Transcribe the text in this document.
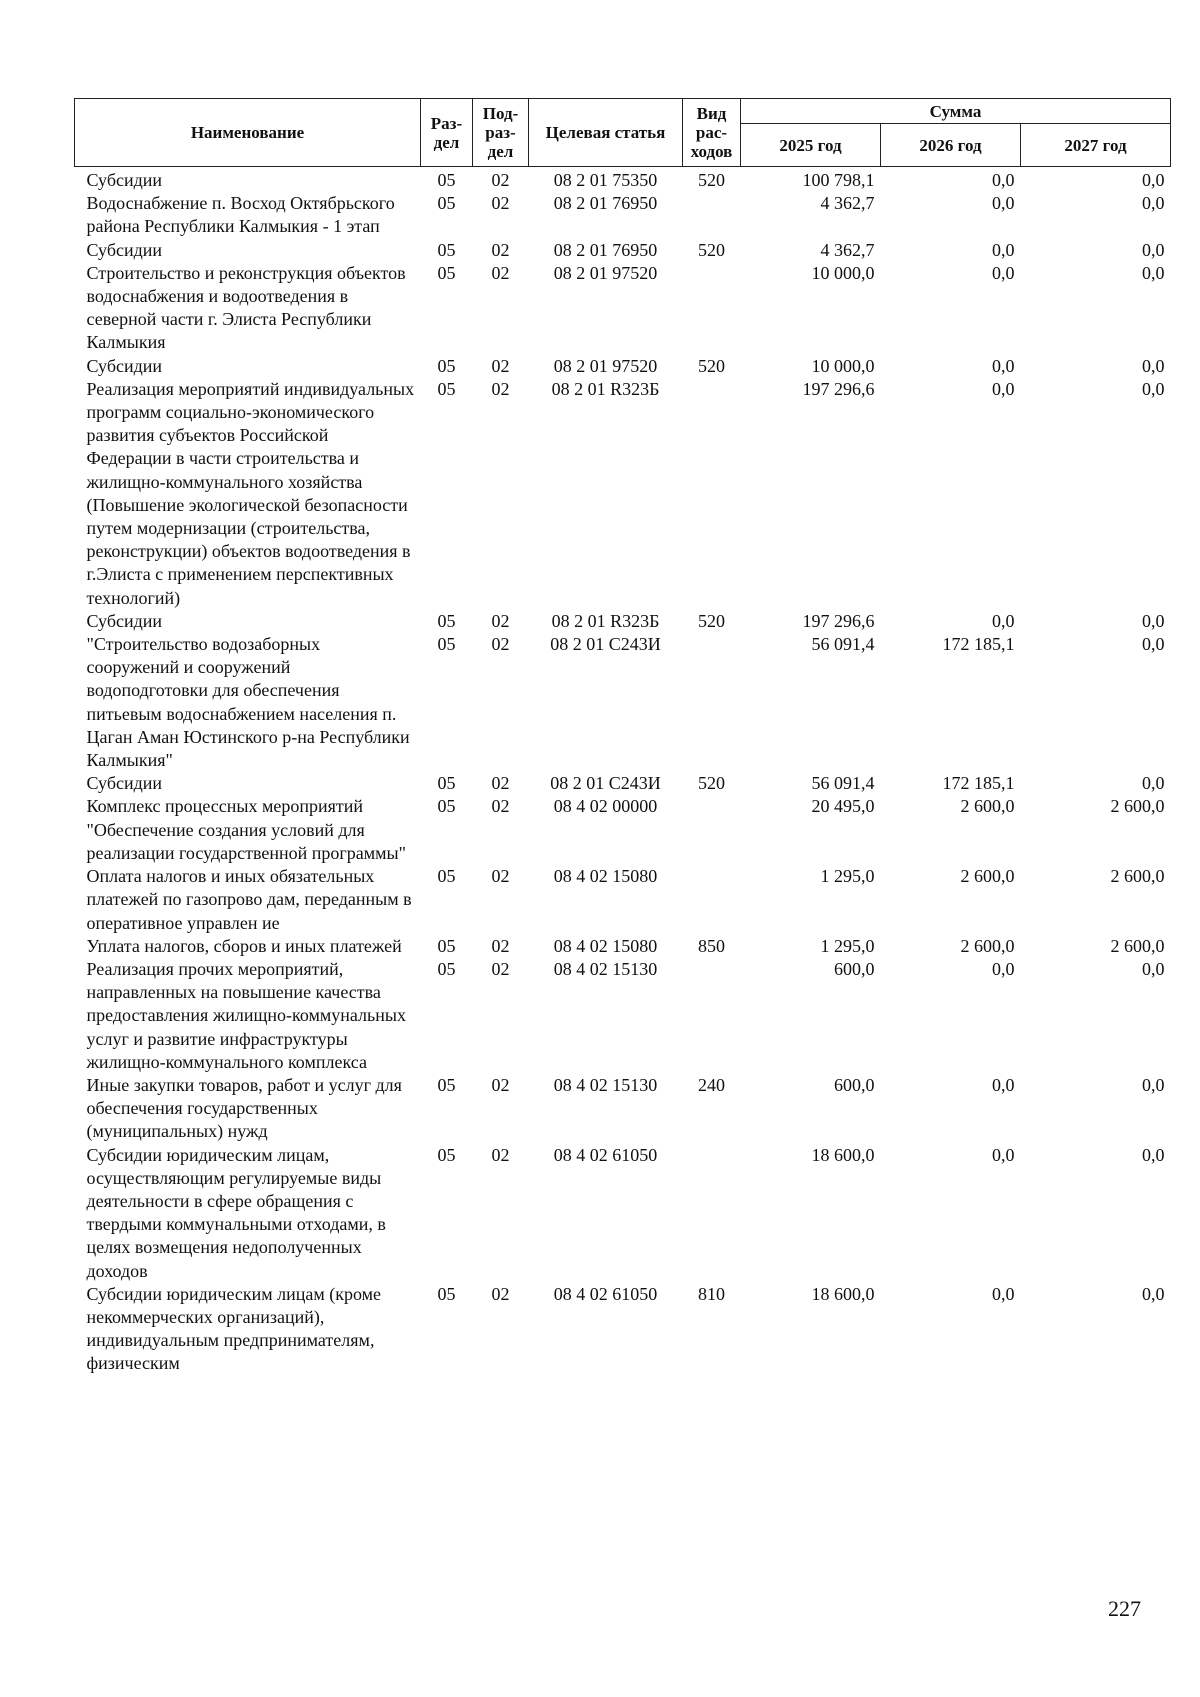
Наименование	Раз-дел	Под-раз-дел	Целевая статья	Вид рас-ходов	Сумма		
					2025 год	2026 год	2027 год
Субсидии	05	02	08 2 01 75350	520	100 798,1	0,0	0,0
Водоснабжение п. Восход Октябрьского района Республики Калмыкия - 1 этап	05	02	08 2 01 76950		4 362,7	0,0	0,0
Субсидии	05	02	08 2 01 76950	520	4 362,7	0,0	0,0
Строительство и реконструкция объектов водоснабжения и водоотведения в северной части г. Элиста Республики Калмыкия	05	02	08 2 01 97520		10 000,0	0,0	0,0
Субсидии	05	02	08 2 01 97520	520	10 000,0	0,0	0,0
Реализация мероприятий индивидуальных программ социально-экономического развития субъектов Российской Федерации в части строительства и жилищно-коммунального хозяйства (Повышение экологической безопасности путем модернизации (строительства, реконструкции) объектов водоотведения в г.Элиста с применением перспективных технологий)	05	02	08 2 01 R323Б		197 296,6	0,0	0,0
Субсидии	05	02	08 2 01 R323Б	520	197 296,6	0,0	0,0
"Строительство водозаборных сооружений и сооружений водоподготовки для обеспечения питьевым водоснабжением населения п. Цаган Аман Юстинского р-на Республики Калмыкия"	05	02	08 2 01 С243И		56 091,4	172 185,1	0,0
Субсидии	05	02	08 2 01 С243И	520	56 091,4	172 185,1	0,0
Комплекс процессных мероприятий "Обеспечение создания условий для реализации государственной программы"	05	02	08 4 02 00000		20 495,0	2 600,0	2 600,0
Оплата налогов и иных обязательных платежей по газопрово дам, переданным в оперативное управлен ие	05	02	08 4 02 15080		1 295,0	2 600,0	2 600,0
Уплата налогов, сборов и иных платежей	05	02	08 4 02 15080	850	1 295,0	2 600,0	2 600,0
Реализация прочих мероприятий, направленных на повышение качества предоставления жилищно-коммунальных услуг и развитие инфраструктуры жилищно-коммунального комплекса	05	02	08 4 02 15130		600,0	0,0	0,0
Иные закупки товаров, работ и услуг для обеспечения государственных (муниципальных) нужд	05	02	08 4 02 15130	240	600,0	0,0	0,0
Субсидии юридическим лицам, осуществляющим регулируемые виды деятельности в сфере обращения с твердыми коммунальными отходами, в целях возмещения недополученных доходов	05	02	08 4 02 61050		18 600,0	0,0	0,0
Субсидии юридическим лицам (кроме некоммерческих организаций), индивидуальным предпринимателям, физическим	05	02	08 4 02 61050	810	18 600,0	0,0	0,0
227
